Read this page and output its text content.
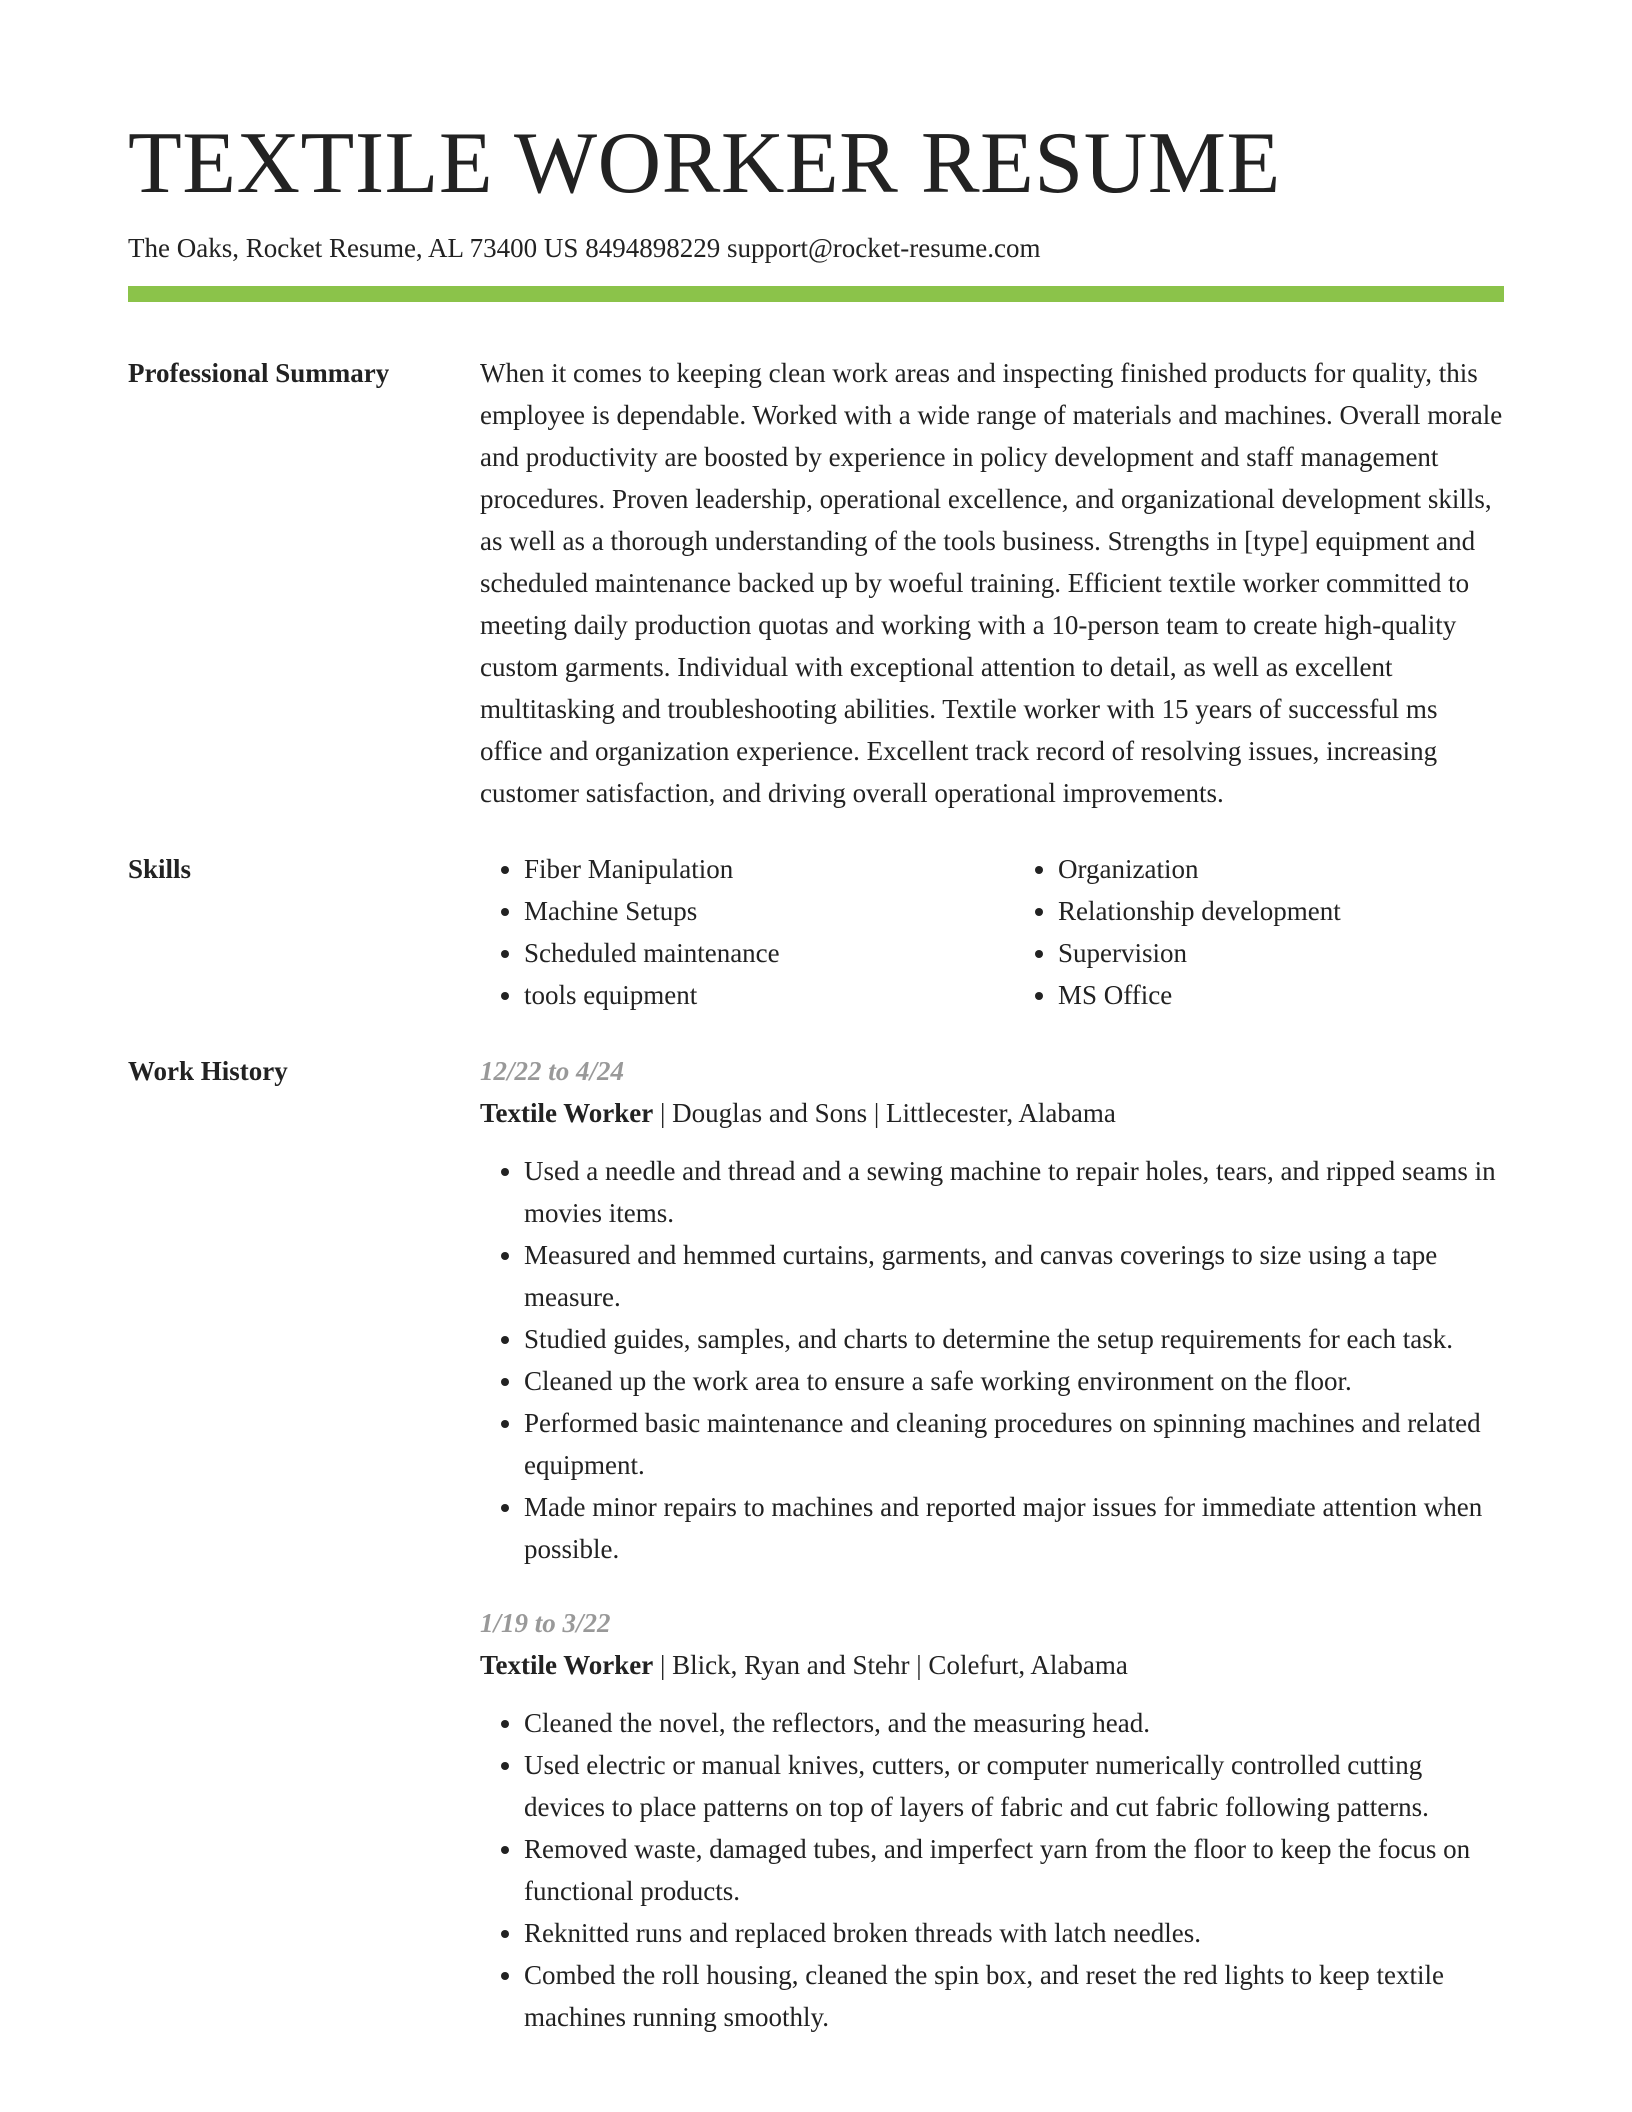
TEXTILE WORKER RESUME
The Oaks, Rocket Resume, AL 73400 US 8494898229 support@rocket-resume.com
Professional Summary	When it comes to keeping clean work areas and inspecting finished products for quality, this employee is dependable. Worked with a wide range of materials and machines. Overall morale and productivity are boosted by experience in policy development and staff management procedures. Proven leadership, operational excellence, and organizational development skills, as well as a thorough understanding of the tools business. Strengths in [type] equipment and scheduled maintenance backed up by woeful training. Efficient textile worker committed to meeting daily production quotas and working with a 10-person team to create high-quality custom garments. Individual with exceptional attention to detail, as well as excellent multitasking and troubleshooting abilities. Textile worker with 15 years of successful ms office and organization experience. Excellent track record of resolving issues, increasing customer satisfaction, and driving overall operational improvements.

Skills
•	Fiber Manipulation
• Machine Setups
• Scheduled maintenance
• tools equipment
• Organization
• Relationship development
• Supervision
• MS Office
Work History	12/22 to 4/24
Textile Worker | Douglas and Sons | Littlecester, Alabama
• Used a needle and thread and a sewing machine to repair holes, tears, and ripped seams in movies items.
• Measured and hemmed curtains, garments, and canvas coverings to size using a tape measure.
• Studied guides, samples, and charts to determine the setup requirements for each task.
• Cleaned up the work area to ensure a safe working environment on the floor.
• Performed basic maintenance and cleaning procedures on spinning machines and related equipment.
• Made minor repairs to machines and reported major issues for immediate attention when possible.
1/19 to 3/22
Textile Worker | Blick, Ryan and Stehr | Colefurt, Alabama
• Cleaned the novel, the reflectors, and the measuring head.
• Used electric or manual knives, cutters, or computer numerically controlled cutting devices to place patterns on top of layers of fabric and cut fabric following patterns.
• Removed waste, damaged tubes, and imperfect yarn from the floor to keep the focus on functional products.
• Reknitted runs and replaced broken threads with latch needles.
• Combed the roll housing, cleaned the spin box, and reset the red lights to keep textile machines running smoothly.
